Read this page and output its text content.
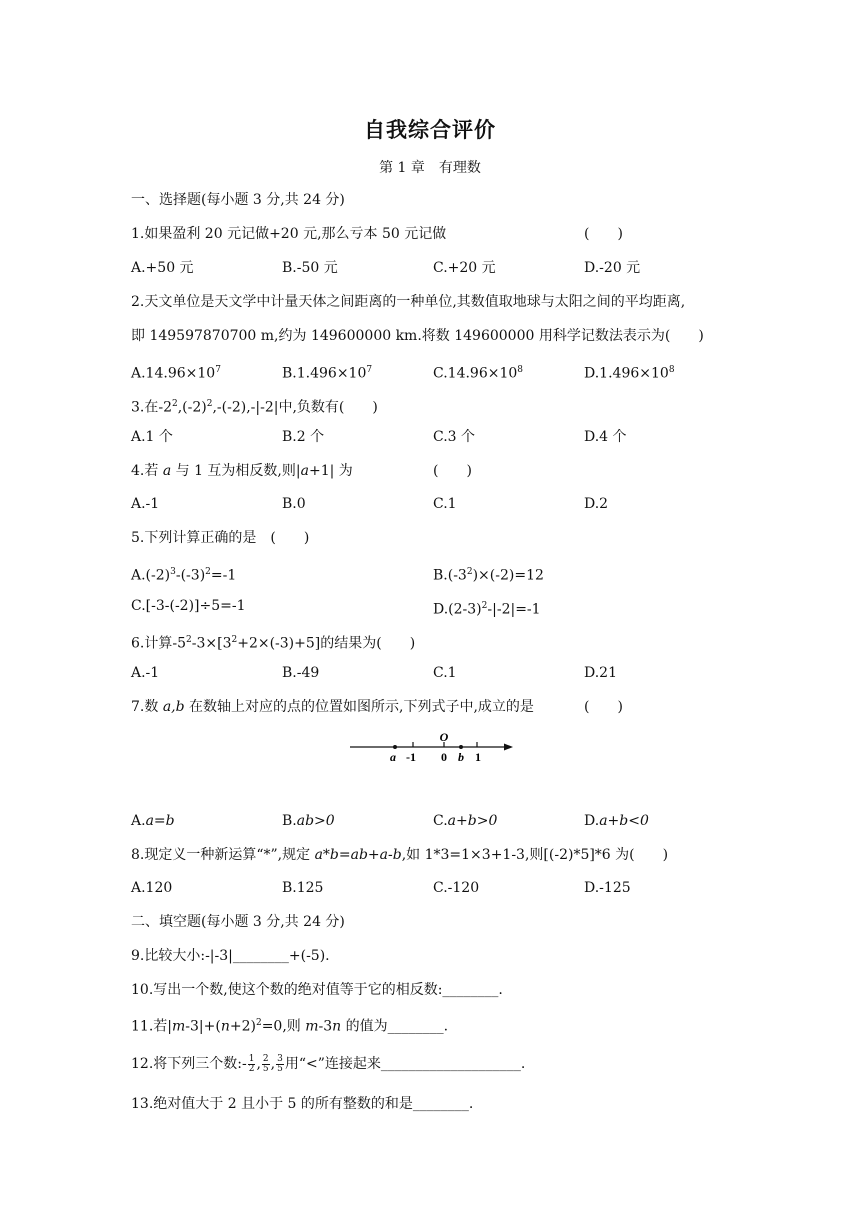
自我综合评价
第 1 章　有理数
一、选择题(每小题 3 分,共 24 分)
1.如果盈利 20 元记做+20 元,那么亏本 50 元记做	(　　)
A.+50 元	B.-50 元	C.+20 元	D.-20 元
2.天文单位是天文学中计量天体之间距离的一种单位,其数值取地球与太阳之间的平均距离,
即 149597870700 m,约为 149600000 km.将数 149600000 用科学记数法表示为(　　)
$A.14.96\times 10^7$	$B.1.496\times 10^7$	$C.14.96\times 10^8$	$D.1.496\times 10^8$
3.在$-2^2,(-2)^2,-(-2),-|-2|$中,负数有(　　)
A.1 个	B.2 个	C.3 个	D.4 个
4.若 a 与 1 互为相反数,则|a+1| 为	(　　)
A.-1	B.0	C.1	D.2
5.下列计算正确的是　(　　)
$A.(-2)^3-(-3)^2=-1$	$B.(-3^2)\times(-2)=12$
C.[-3-(-2)]÷5=-1	$D.(2-3)^2-|-2|=-1$
6.计算$-5^2-3\times[3^2+2\times(-3)+5]$的结果为(　　)
A.-1	B.-49	C.1	D.21
7.数 a,b 在数轴上对应的点的位置如图所示,下列式子中,成立的是	(　　)
O
a -1 0 b 1
A.a=b	B.ab>0	C.a+b>0	D.a+b<0
8.现定义一种新运算“*”,规定 a*b=ab+a-b,如 1*3=1×3+1-3,则[(-2)*5]*6 为(　　)
A.120	B.125	C.-120	D.-125
二、填空题(每小题 3 分,共 24 分)
9.比较大小:-|-3|________+(-5).
10.写出一个数,使这个数的绝对值等于它的相反数:________.
11.若$|m-3|+(n+2)^2=0$,则 m-3n 的值为________.
12.将下列三个数:- $\frac{1}{2}$ , $\frac{2}{5}$ , $\frac{3}{5}$ 用“<”连接起来____________________.
13.绝对值大于 2 且小于 5 的所有整数的和是________.
